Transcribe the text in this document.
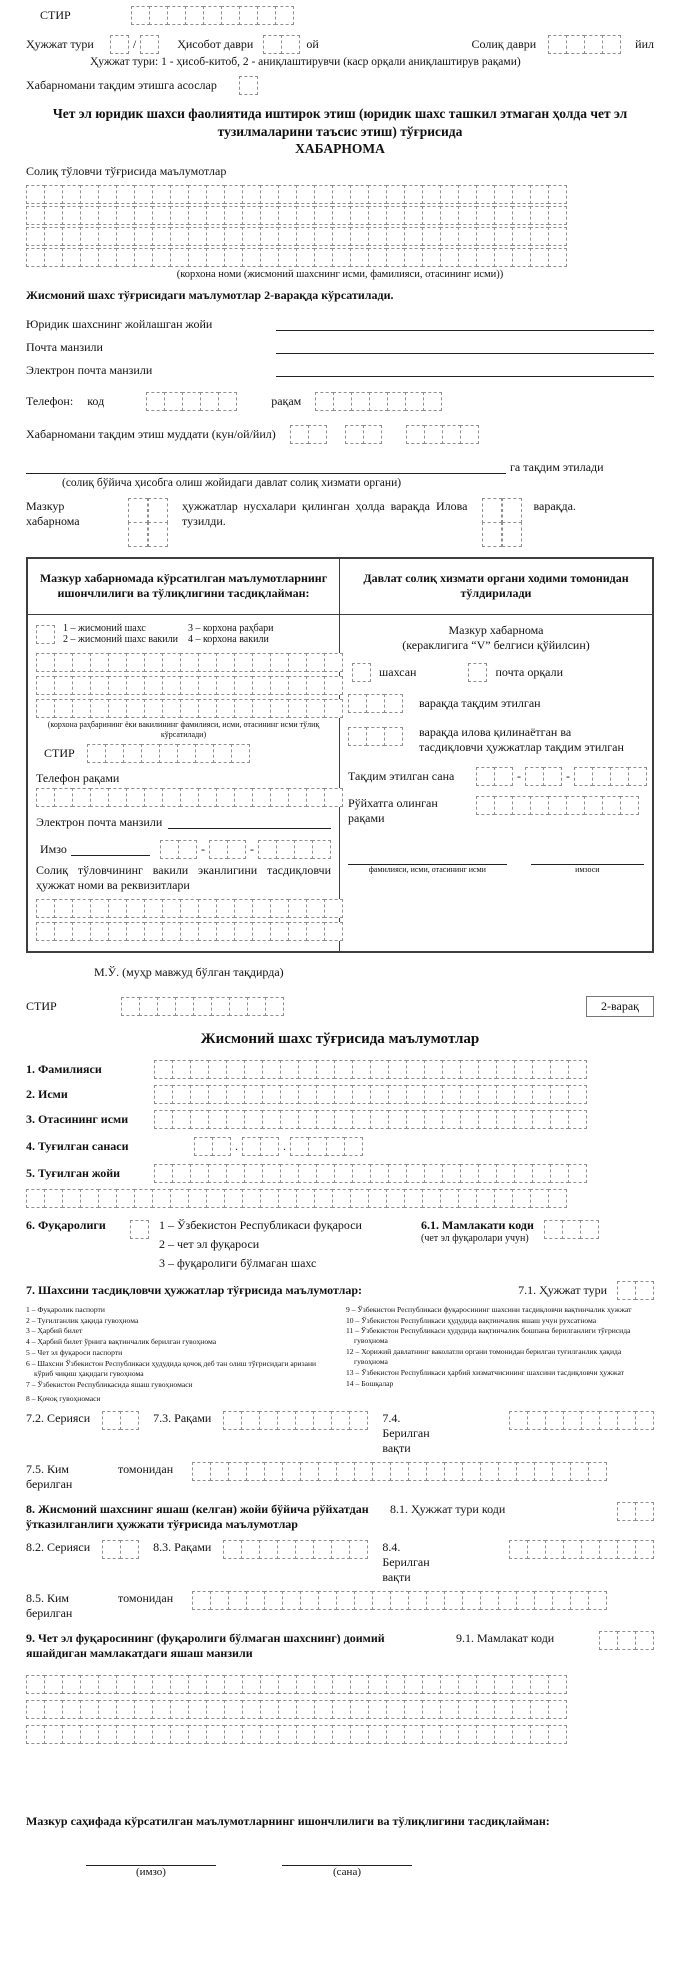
СТИР
Ҳужжат тури	/	Ҳисобот даври	ой	Солиқ даври	йил
Ҳужжат тури: 1 - ҳисоб-китоб, 2 - аниқлаштирувчи (каср орқали аниқлаштирув рақами)
Хабарномани тақдим этишга асослар
Чет эл юридик шахси фаолиятида иштирок этиш (юридик шахс ташкил этмаган ҳолда чет эл тузилмаларини таъсис этиш) тўғрисида
ХАБАРНОМА
Солиқ тўловчи тўғрисида маълумотлар
(корхона номи (жисмоний шахснинг исми, фамилияси, отасининг исми))
Жисмоний шахс тўғрисидаги маълумотлар 2-варақда кўрсатилади.
Юридик шахснинг жойлашган жойи
Почта манзили
Электрон почта манзили
Телефон: код	рақам
Хабарномани тақдим этиш муддати (кун/ой/йил)
га тақдим этилади
(солиқ бўйича ҳисобга олиш жойидаги давлат солиқ хизмати органи)
Мазкур хабарнома
ҳужжатлар нусхалари қилинган ҳолда варақда тузилди.
Илова	варақда.
Мазкур хабарномада кўрсатилган маълумотларнинг ишончлилиги ва тўлиқлигини тасдиқлайман:
1 – жисмоний шахс
2 – жисмоний шахс вакили
3 – корхона раҳбари
4 – корхона вакили
(корхона раҳбарининг ёки вакилининг фамилияси, исми, отасининг исми тўлиқ кўрсатилади)
СТИР
Телефон рақами
Электрон почта манзили
Имзо	-	-
Солиқ тўловчининг вакили эканлигини тасдиқловчи ҳужжат номи ва реквизитлари
Давлат солиқ хизмати органи ходими томонидан тўлдирилади
Мазкур хабарнома
(кераклигига “V” белгиси қўйилсин)
шахсан	почта орқали
варақда тақдим этилган
варақда илова қилинаётган ва тасдиқловчи ҳужжатлар тақдим этилган
Тақдим этилган сана	-	-
Рўйхатга олинган рақами
фамилияси, исми, отасининг исми	имзоси
М.Ў. (муҳр мавжуд бўлган тақдирда)
СТИР	2-варақ
Жисмоний шахс тўғрисида маълумотлар
1. Фамилияси
2. Исми
3. Отасининг исми
4. Туғилган санаси	.	.
5. Туғилган жойи
6. Фуқаролиги	1 – Ўзбекистон Республикаси фуқароси
2 – чет эл фуқароси
3 – фуқаролиги бўлмаган шахс
6.1. Мамлакати коди
(чет эл фуқаролари учун)
7. Шахсини тасдиқловчи ҳужжатлар тўғрисида маълумотлар:	7.1. Ҳужжат тури
1 – Фуқаролик паспорти
2 – Туғилганлик ҳақида гувоҳнома
3 – Ҳарбий билет
4 – Ҳарбий билет ўрнига вақтинчалик берилган гувоҳнома
5 – Чет эл фуқароси паспорти
6 – Шахсни Ўзбекистон Республикаси ҳудудида қочоқ деб тан олиш тўғрисидаги аризани кўриб чиқиш ҳақидаги гувоҳнома
7 – Ўзбекистон Республикасида яшаш гувоҳномаси
8 – Қочоқ гувоҳномаси
9 – Ўзбекистон Республикаси фуқаросининг шахсини тасдиқловчи вақтинчалик ҳужжат
10 – Ўзбекистон Республикаси ҳудудида вақтинчалик яшаш учун рухсатнома
11 – Ўзбекистон Республикаси ҳудудида вақтинчалик бошпана берилганлиги тўғрисида гувоҳнома
12 – Хорижий давлатнинг ваколатли органи томонидан берилган туғилганлик ҳақида гувоҳнома
13 – Ўзбекистон Республикаси ҳарбий хизматчисининг шахсини тасдиқловчи ҳужжат
14 – Бошқалар
7.2. Серияси	7.3. Рақами	7.4. Берилган вақти
7.5. Ким берилган
томонидан
8. Жисмоний шахснинг яшаш (келган) жойи бўйича рўйхатдан ўтказилганлиги ҳужжати тўғрисида маълумотлар
8.1. Ҳужжат тури коди
8.2. Серияси	8.3. Рақами	8.4. Берилган вақти
8.5. Ким берилган
томонидан
9. Чет эл фуқаросининг (фуқаролиги бўлмаган шахснинг) доимий яшайдиган мамлакатдаги яшаш манзили
9.1. Мамлакат коди
Мазкур саҳифада кўрсатилган маълумотларнинг ишончлилиги ва тўлиқлигини тасдиқлайман:
(имзо)	(сана)
